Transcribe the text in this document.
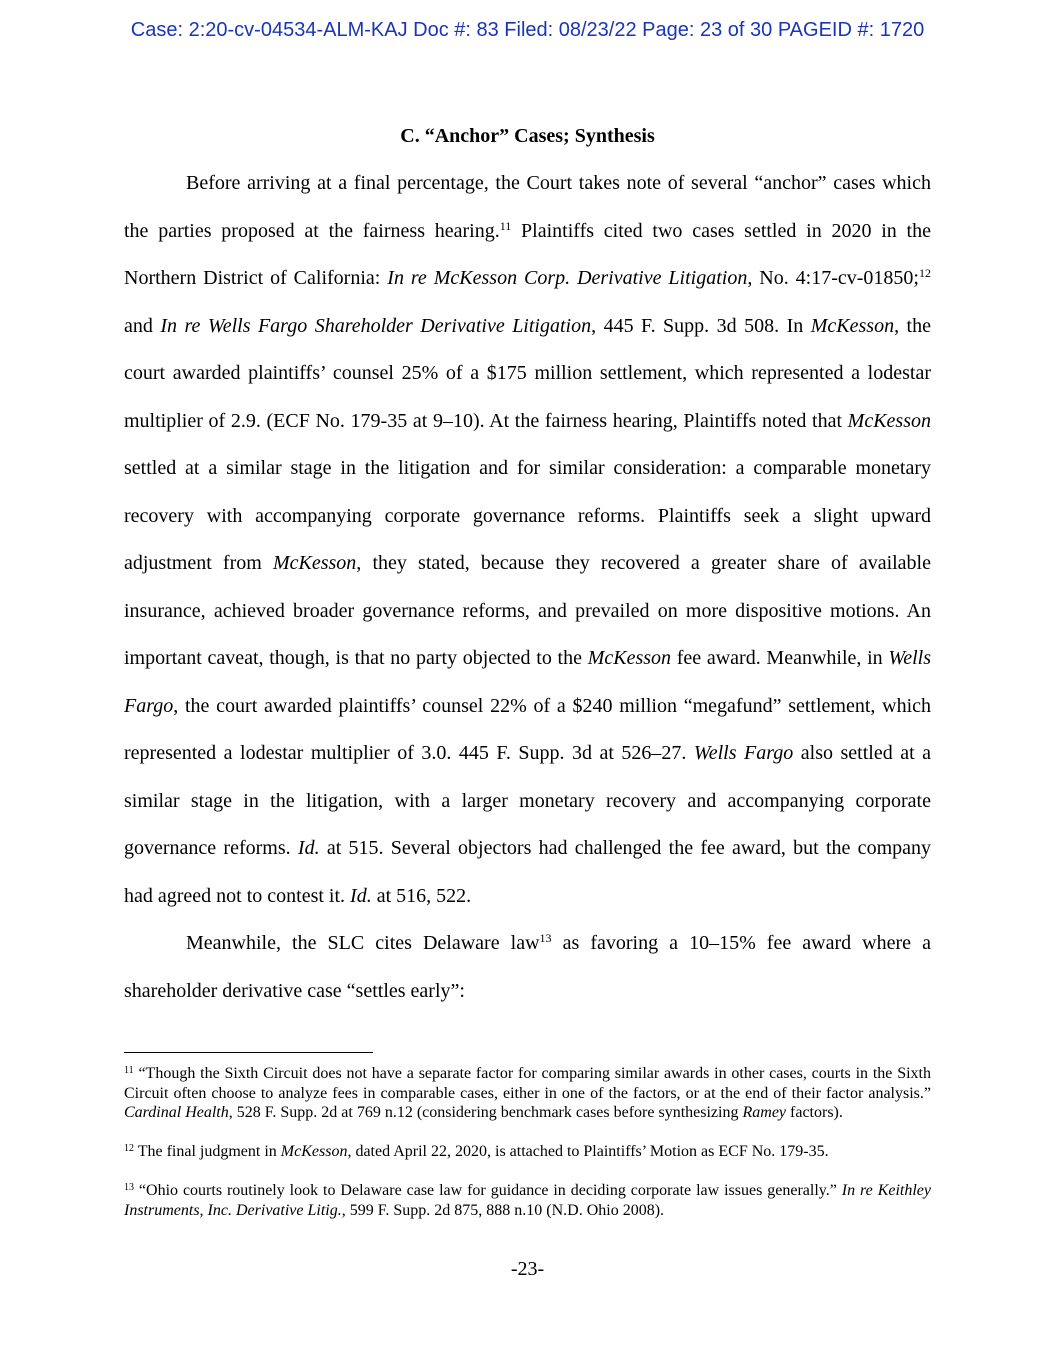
Case: 2:20-cv-04534-ALM-KAJ Doc #: 83 Filed: 08/23/22 Page: 23 of 30 PAGEID #: 1720
C. “Anchor” Cases; Synthesis

Before arriving at a final percentage, the Court takes note of several “anchor” cases which the parties proposed at the fairness hearing.$^{11}$ Plaintiffs cited two cases settled in 2020 in the Northern District of California: In re McKesson Corp. Derivative Litigation, No. 4:17-cv-01850;$^{12}$ and In re Wells Fargo Shareholder Derivative Litigation, 445 F. Supp. 3d 508. In McKesson, the court awarded plaintiffs’ counsel 25% of a $175 million settlement, which represented a lodestar multiplier of 2.9. (ECF No. 179-35 at 9–10). At the fairness hearing, Plaintiffs noted that McKesson settled at a similar stage in the litigation and for similar consideration: a comparable monetary recovery with accompanying corporate governance reforms. Plaintiffs seek a slight upward adjustment from McKesson, they stated, because they recovered a greater share of available insurance, achieved broader governance reforms, and prevailed on more dispositive motions. An important caveat, though, is that no party objected to the McKesson fee award. Meanwhile, in Wells Fargo, the court awarded plaintiffs’ counsel 22% of a $240 million “megafund” settlement, which represented a lodestar multiplier of 3.0. 445 F. Supp. 3d at 526–27. Wells Fargo also settled at a similar stage in the litigation, with a larger monetary recovery and accompanying corporate governance reforms. Id. at 515. Several objectors had challenged the fee award, but the company had agreed not to contest it. Id. at 516, 522.

Meanwhile, the SLC cites Delaware law$^{13}$ as favoring a 10–15% fee award where a shareholder derivative case “settles early”:

$^{11}$ “Though the Sixth Circuit does not have a separate factor for comparing similar awards in other cases, courts in the Sixth Circuit often choose to analyze fees in comparable cases, either in one of the factors, or at the end of their factor analysis.” Cardinal Health, 528 F. Supp. 2d at 769 n.12 (considering benchmark cases before synthesizing Ramey factors).

$^{12}$ The final judgment in McKesson, dated April 22, 2020, is attached to Plaintiffs’ Motion as ECF No. 179-35.

$^{13}$ “Ohio courts routinely look to Delaware case law for guidance in deciding corporate law issues generally.” In re Keithley Instruments, Inc. Derivative Litig., 599 F. Supp. 2d 875, 888 n.10 (N.D. Ohio 2008).

-23-
